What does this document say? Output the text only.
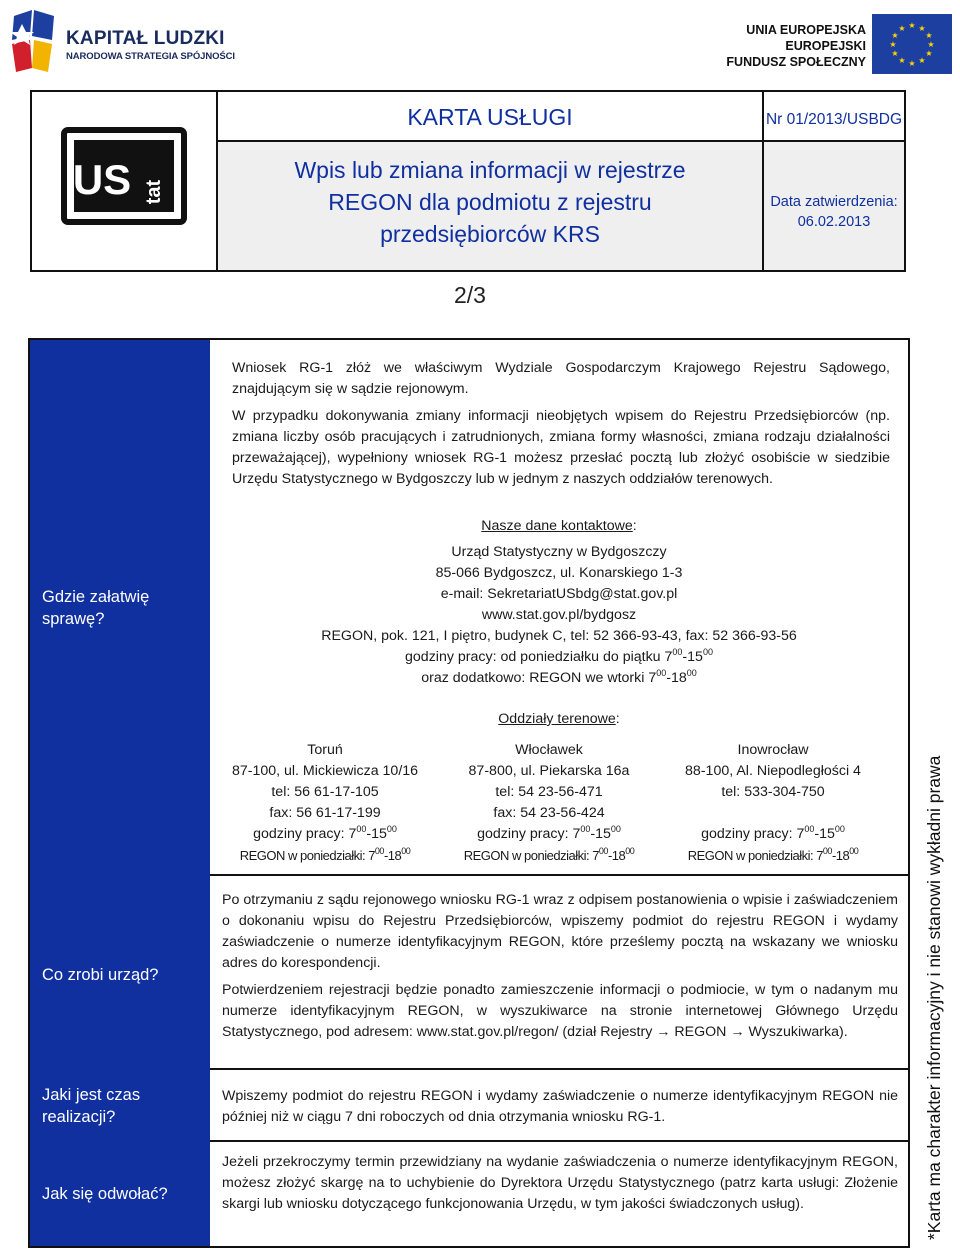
KAPITAŁ LUDZKI
NARODOWA STRATEGIA SPÓJNOŚCI
UNIA EUROPEJSKA
EUROPEJSKI
FUNDUSZ SPOŁECZNY
★ ★
★
★
★
★
★
★
★
★
★
★
US tat
KARTA USŁUGI
Wpis lub zmiana informacji w rejestrze
REGON dla podmiotu z rejestru
przedsiębiorców KRS
Nr 01/2013/USBDG
Data zatwierdzenia:
06.02.2013
2/3
Gdzie załatwię
sprawę?
Co zrobi urząd?
Jaki jest czas
realizacji?
Jak się odwołać?
Wniosek RG-1 złóż we właściwym Wydziale Gospodarczym Krajowego Rejestru Sądowego, znajdującym się w sądzie rejonowym.
W przypadku dokonywania zmiany informacji nieobjętych wpisem do Rejestru Przedsiębiorców (np. zmiana liczby osób pracujących i zatrudnionych, zmiana formy własności, zmiana rodzaju działalności przeważającej), wypełniony wniosek RG-1 możesz przesłać pocztą lub złożyć osobiście w siedzibie Urzędu Statystycznego w Bydgoszczy lub w jednym z naszych oddziałów terenowych.
Nasze dane kontaktowe:
Urząd Statystyczny w Bydgoszczy
85-066 Bydgoszcz, ul. Konarskiego 1-3
e-mail: SekretariatUSbdg@stat.gov.pl
www.stat.gov.pl/bydgosz
REGON, pok. 121, I piętro, budynek C, tel: 52 366-93-43, fax: 52 366-93-56
godziny pracy: od poniedziałku do piątku $7^{00}-15^{00}$
oraz dodatkowo: REGON we wtorki $7^{00}-18^{00}$
Oddziały terenowe:
Toruń
87-100, ul. Mickiewicza 10/16
tel: 56 61-17-105
fax: 56 61-17-199
godziny pracy: $7^{00}-15^{00}$
REGON w poniedziałki: $7^{00}-18^{00}$
Włocławek
87-800, ul. Piekarska 16a
tel: 54 23-56-471
fax: 54 23-56-424
godziny pracy: $7^{00}-15^{00}$
REGON w poniedziałki: $7^{00}-18^{00}$
Inowrocław
88-100, Al. Niepodległości 4
tel: 533-304-750
godziny pracy: $7^{00}-15^{00}$
REGON w poniedziałki: $7^{00}-18^{00}$
Po otrzymaniu z sądu rejonowego wniosku RG-1 wraz z odpisem postanowienia o wpisie i zaświadczeniem o dokonaniu wpisu do Rejestru Przedsiębiorców, wpiszemy podmiot do rejestru REGON i wydamy zaświadczenie o numerze identyfikacyjnym REGON, które prześlemy pocztą na wskazany we wniosku adres do korespondencji.
Potwierdzeniem rejestracji będzie ponadto zamieszczenie informacji o podmiocie, w tym o nadanym mu numerze identyfikacyjnym REGON, w wyszukiwarce na stronie internetowej Głównego Urzędu Statystycznego, pod adresem: www.stat.gov.pl/regon/ (dział Rejestry → REGON → Wyszukiwarka).
Wpiszemy podmiot do rejestru REGON i wydamy zaświadczenie o numerze identyfikacyjnym REGON nie później niż w ciągu 7 dni roboczych od dnia otrzymania wniosku RG-1.
Jeżeli przekroczymy termin przewidziany na wydanie zaświadczenia o numerze identyfikacyjnym REGON, możesz złożyć skargę na to uchybienie do Dyrektora Urzędu Statystycznego (patrz karta usługi: Złożenie skargi lub wniosku dotyczącego funkcjonowania Urzędu, w tym jakości świadczonych usług).	*Karta ma charakter informacyjny i nie stanowi wykładni prawa
